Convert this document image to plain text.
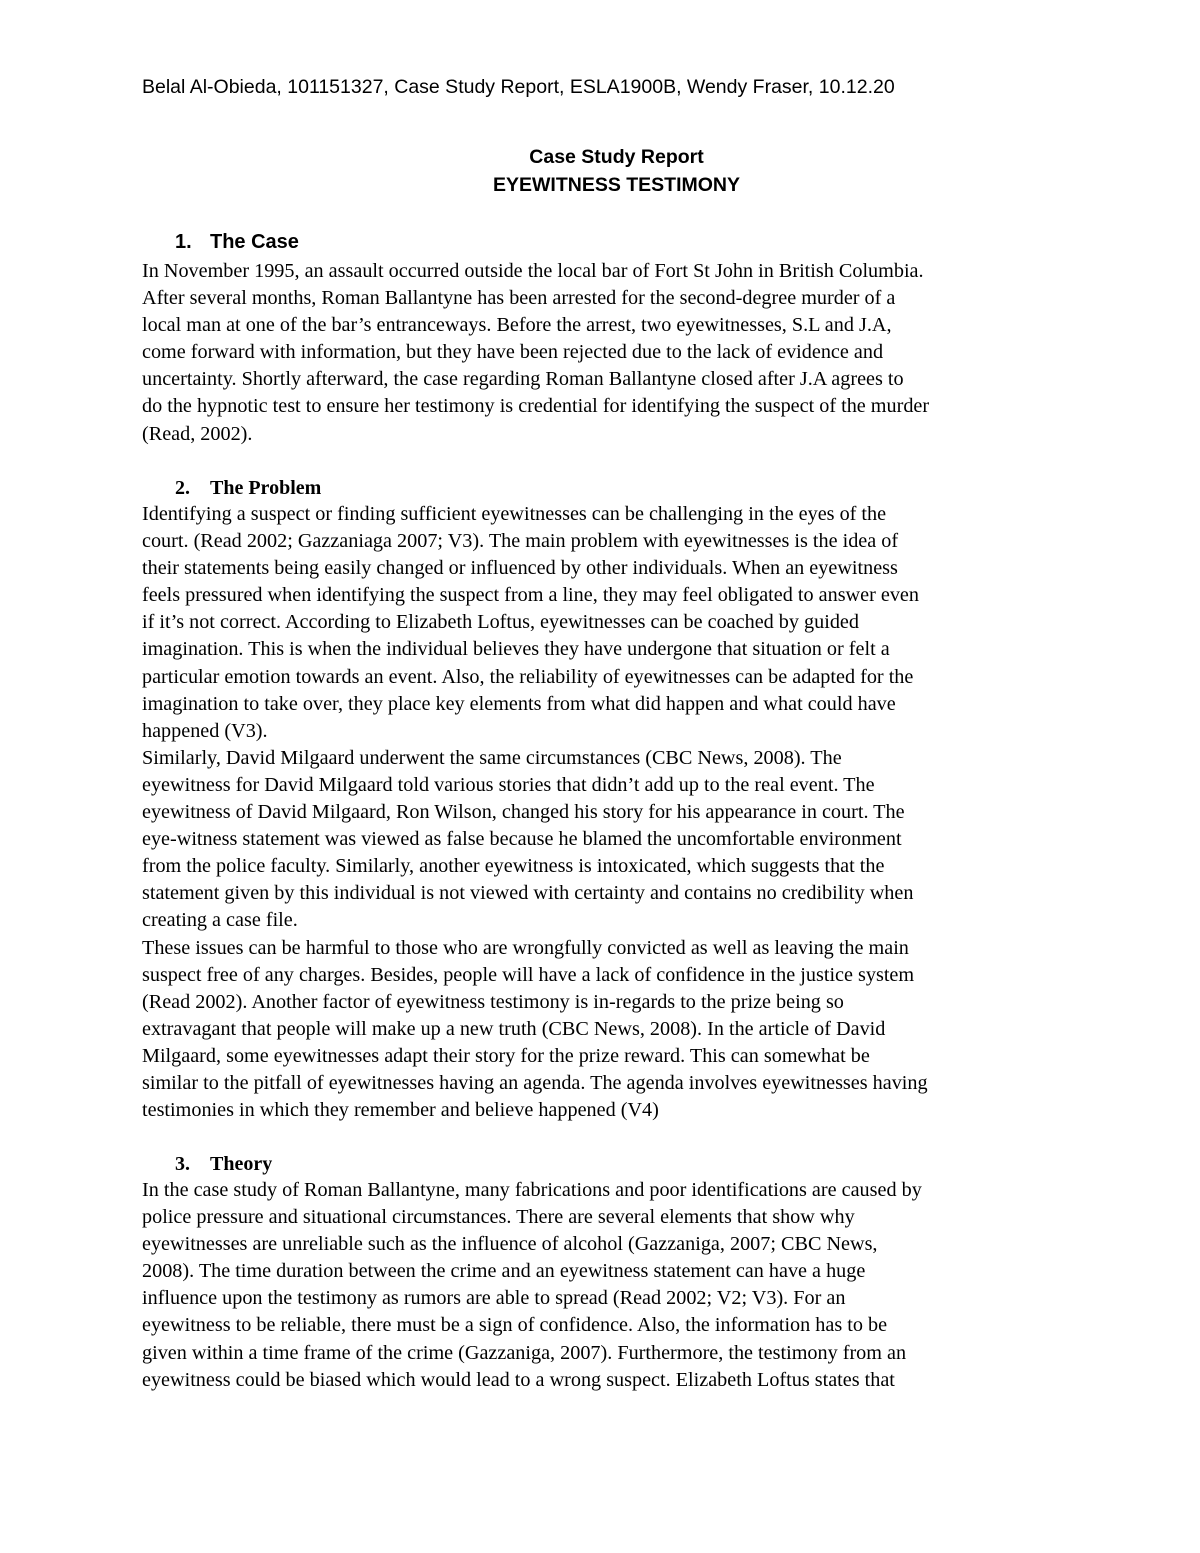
Belal Al-Obieda, 101151327, Case Study Report, ESLA1900B, Wendy Fraser, 10.12.20
Case Study Report
EYEWITNESS TESTIMONY
1. The Case
In November 1995, an assault occurred outside the local bar of Fort St John in British Columbia.
After several months, Roman Ballantyne has been arrested for the second-degree murder of a
local man at one of the bar’s entranceways. Before the arrest, two eyewitnesses, S.L and J.A,
come forward with information, but they have been rejected due to the lack of evidence and
uncertainty. Shortly afterward, the case regarding Roman Ballantyne closed after J.A agrees to
do the hypnotic test to ensure her testimony is credential for identifying the suspect of the murder
(Read, 2002).
2. The Problem
Identifying a suspect or finding sufficient eyewitnesses can be challenging in the eyes of the
court. (Read 2002; Gazzaniaga 2007; V3). The main problem with eyewitnesses is the idea of
their statements being easily changed or influenced by other individuals. When an eyewitness
feels pressured when identifying the suspect from a line, they may feel obligated to answer even
if it’s not correct. According to Elizabeth Loftus, eyewitnesses can be coached by guided
imagination. This is when the individual believes they have undergone that situation or felt a
particular emotion towards an event. Also, the reliability of eyewitnesses can be adapted for the
imagination to take over, they place key elements from what did happen and what could have
happened (V3).
Similarly, David Milgaard underwent the same circumstances (CBC News, 2008). The
eyewitness for David Milgaard told various stories that didn’t add up to the real event. The
eyewitness of David Milgaard, Ron Wilson, changed his story for his appearance in court. The
eye-witness statement was viewed as false because he blamed the uncomfortable environment
from the police faculty. Similarly, another eyewitness is intoxicated, which suggests that the
statement given by this individual is not viewed with certainty and contains no credibility when
creating a case file.
These issues can be harmful to those who are wrongfully convicted as well as leaving the main
suspect free of any charges. Besides, people will have a lack of confidence in the justice system
(Read 2002). Another factor of eyewitness testimony is in-regards to the prize being so
extravagant that people will make up a new truth (CBC News, 2008). In the article of David
Milgaard, some eyewitnesses adapt their story for the prize reward. This can somewhat be
similar to the pitfall of eyewitnesses having an agenda. The agenda involves eyewitnesses having
testimonies in which they remember and believe happened (V4)
3. Theory
In the case study of Roman Ballantyne, many fabrications and poor identifications are caused by
police pressure and situational circumstances. There are several elements that show why
eyewitnesses are unreliable such as the influence of alcohol (Gazzaniga, 2007; CBC News,
2008). The time duration between the crime and an eyewitness statement can have a huge
influence upon the testimony as rumors are able to spread (Read 2002; V2; V3). For an
eyewitness to be reliable, there must be a sign of confidence. Also, the information has to be
given within a time frame of the crime (Gazzaniga, 2007). Furthermore, the testimony from an
eyewitness could be biased which would lead to a wrong suspect. Elizabeth Loftus states that
